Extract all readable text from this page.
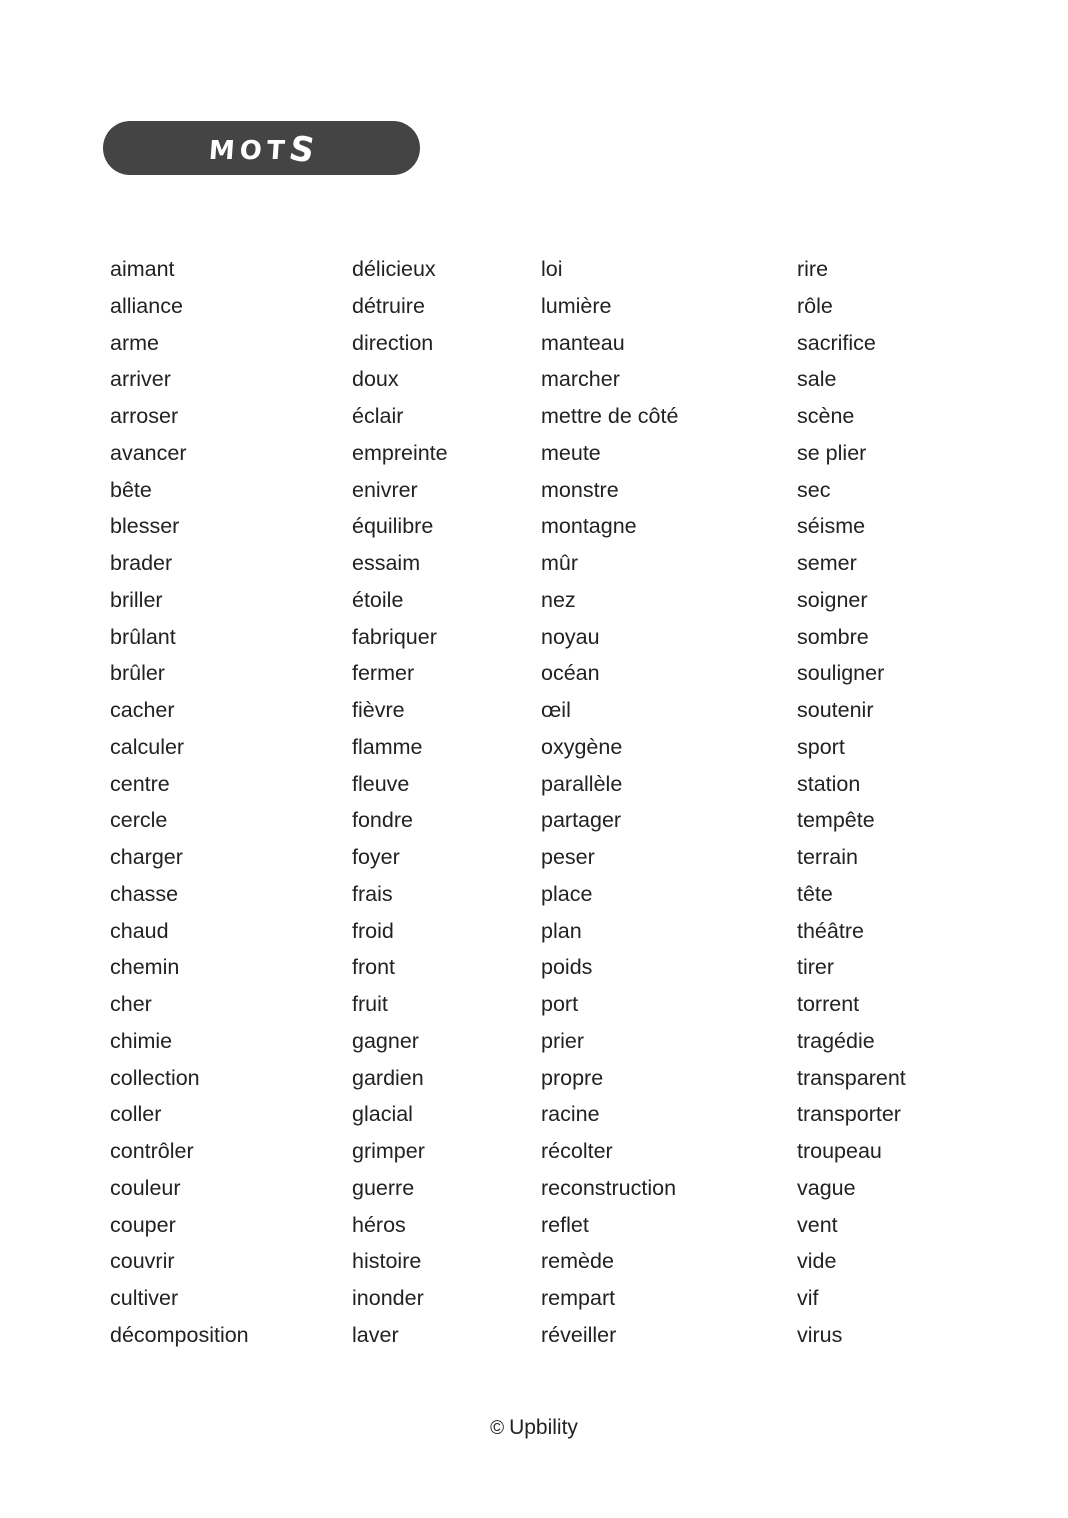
MOTS
aimant
alliance
arme
arriver
arroser
avancer
bête
blesser
brader
briller
brûlant
brûler
cacher
calculer
centre
cercle
charger
chasse
chaud
chemin
cher
chimie
collection
coller
contrôler
couleur
couper
couvrir
cultiver
décomposition
délicieux
détruire
direction
doux
éclair
empreinte
enivrer
équilibre
essaim
étoile
fabriquer
fermer
fièvre
flamme
fleuve
fondre
foyer
frais
froid
front
fruit
gagner
gardien
glacial
grimper
guerre
héros
histoire
inonder
laver
loi
lumière
manteau
marcher
mettre de côté
meute
monstre
montagne
mûr
nez
noyau
océan
œil
oxygène
parallèle
partager
peser
place
plan
poids
port
prier
propre
racine
récolter
reconstruction
reflet
remède
rempart
réveiller
rire
rôle
sacrifice
sale
scène
se plier
sec
séisme
semer
soigner
sombre
souligner
soutenir
sport
station
tempête
terrain
tête
théâtre
tirer
torrent
tragédie
transparent
transporter
troupeau
vague
vent
vide
vif
virus
© Upbility
